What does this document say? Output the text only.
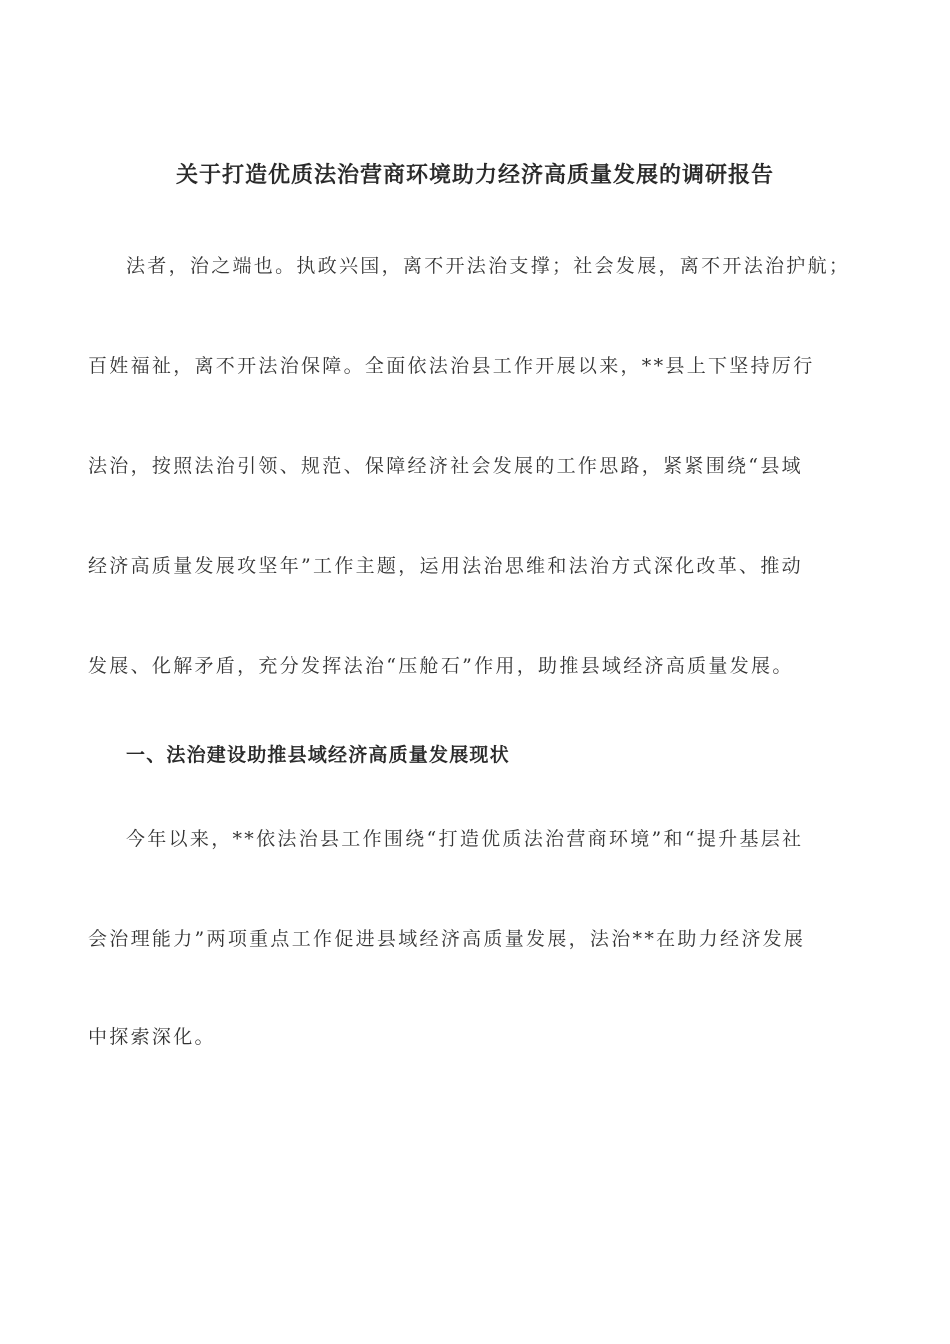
关于打造优质法治营商环境助力经济高质量发展的调研报告
法者，治之端也。执政兴国，离不开法治支撑；社会发展，离不开法治护航；
百姓福祉，离不开法治保障。全面依法治县工作开展以来，**县上下坚持厉行
法治，按照法治引领、规范、保障经济社会发展的工作思路，紧紧围绕“县域
经济高质量发展攻坚年”工作主题，运用法治思维和法治方式深化改革、推动
发展、化解矛盾，充分发挥法治“压舱石”作用，助推县域经济高质量发展。
一、法治建设助推县域经济高质量发展现状
今年以来，**依法治县工作围绕“打造优质法治营商环境”和“提升基层社
会治理能力”两项重点工作促进县域经济高质量发展，法治**在助力经济发展
中探索深化。
